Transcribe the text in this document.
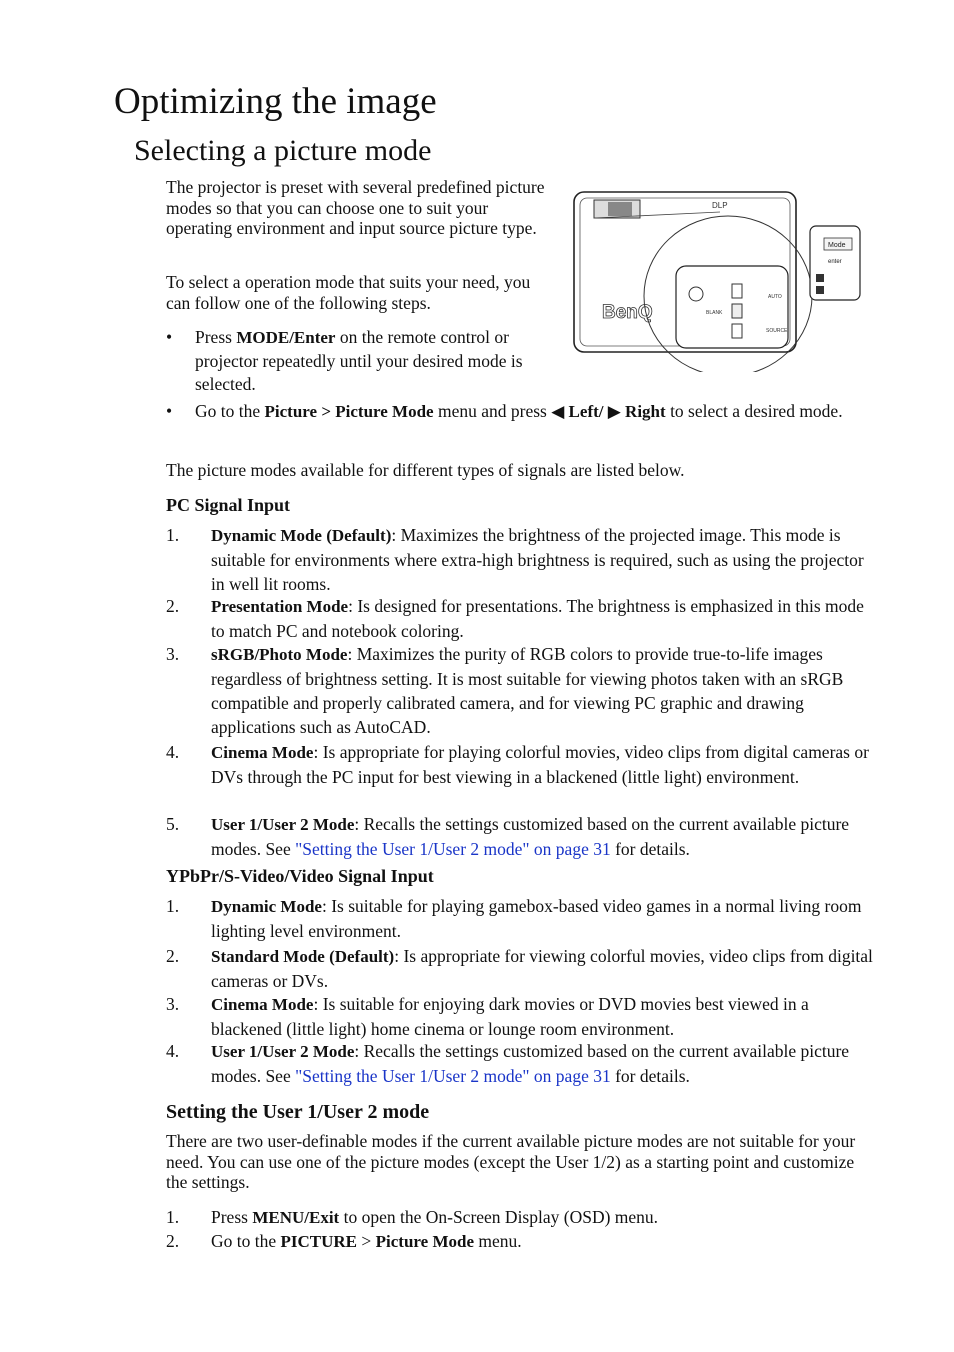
Optimizing the image
Selecting a picture mode

The projector is preset with several predefined picture modes so that you can choose one to suit your operating environment and input source picture type.

To select a operation mode that suits your need, you can follow one of the following steps.	BenQ
AUTO
BLANK
SOURCE
DLP
Mode
enter
• Press MODE/Enter on the remote control or projector repeatedly until your desired mode is selected.
• Go to the Picture > Picture Mode menu and press ◀ Left/ ▶ Right to select a desired mode.

The picture modes available for different types of signals are listed below.

PC Signal Input
1. Dynamic Mode (Default): Maximizes the brightness of the projected image. This mode is suitable for environments where extra-high brightness is required, such as using the projector in well lit rooms.
2. Presentation Mode: Is designed for presentations. The brightness is emphasized in this mode to match PC and notebook coloring.
3. sRGB/Photo Mode: Maximizes the purity of RGB colors to provide true-to-life images regardless of brightness setting. It is most suitable for viewing photos taken with an sRGB compatible and properly calibrated camera, and for viewing PC graphic and drawing applications such as AutoCAD.
4. Cinema Mode: Is appropriate for playing colorful movies, video clips from digital cameras or DVs through the PC input for best viewing in a blackened (little light) environment.
5. User 1/User 2 Mode: Recalls the settings customized based on the current available picture modes. See "Setting the User 1/User 2 mode" on page 31 for details.
YPbPr/S-Video/Video Signal Input
1. Dynamic Mode: Is suitable for playing gamebox-based video games in a normal living room lighting level environment.
2. Standard Mode (Default): Is appropriate for viewing colorful movies, video clips from digital cameras or DVs.
3. Cinema Mode: Is suitable for enjoying dark movies or DVD movies best viewed in a blackened (little light) home cinema or lounge room environment.
4. User 1/User 2 Mode: Recalls the settings customized based on the current available picture modes. See "Setting the User 1/User 2 mode" on page 31 for details.
Setting the User 1/User 2 mode

There are two user-definable modes if the current available picture modes are not suitable for your need. You can use one of the picture modes (except the User 1/2) as a starting point and customize the settings.

1. Press MENU/Exit to open the On-Screen Display (OSD) menu.
2. Go to the PICTURE > Picture Mode menu.
